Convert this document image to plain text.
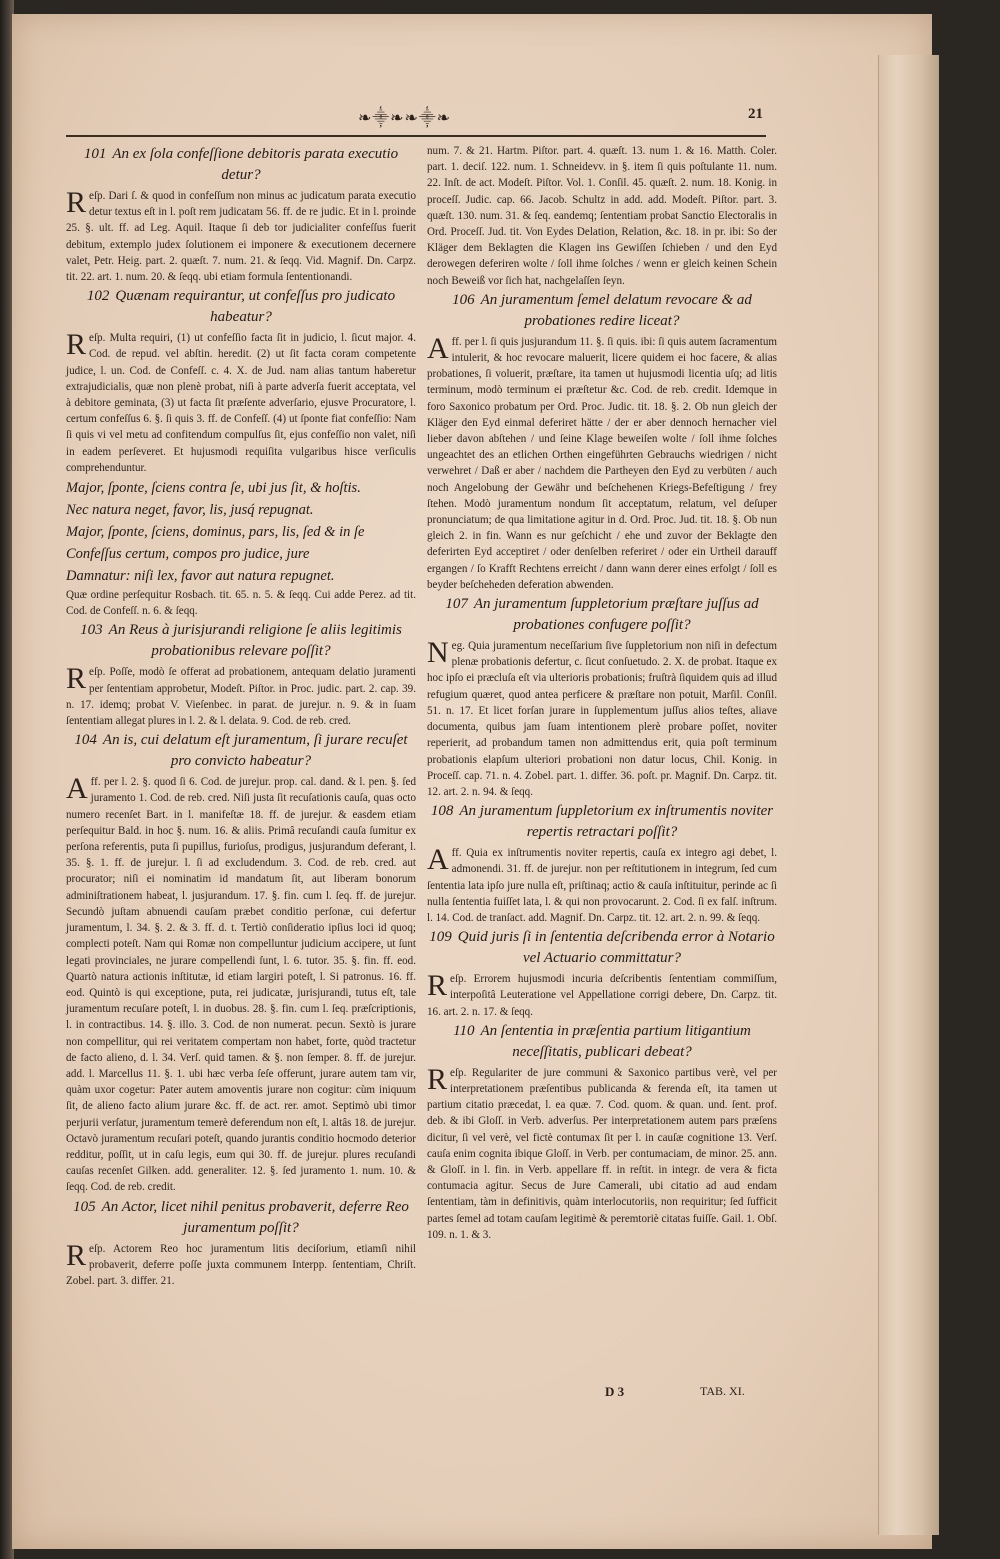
❧⸎❧❧⸎❧	21
101 An ex ſola confeſſione debitoris parata executio detur?
Reſp. Dari ſ. & quod in confeſſum non minus ac judicatum parata executio detur textus eſt in l. poſt rem judicatam 56. ff. de re judic. Et in l. proinde 25. §. ult. ff. ad Leg. Aquil. Itaque ſi deb tor judicialiter confeſſus fuerit debitum, extemplo judex ſolutionem ei imponere & executionem decernere valet, Petr. Heig. part. 2. quæſt. 7. num. 21. & ſeqq. Vid. Magnif. Dn. Carpz. tit. 22. art. 1. num. 20. & ſeqq. ubi etiam formula ſententionandi.
102 Quænam requirantur, ut confeſſus pro judicato habeatur?
Reſp. Multa requiri, (1) ut confeſſio facta ſit in judicio, l. ſicut major. 4. Cod. de repud. vel abſtin. heredit. (2) ut ſit facta coram competente judice, l. un. Cod. de Confeſſ. c. 4. X. de Jud. nam alias tantum haberetur extrajudicialis, quæ non plenè probat, niſi à parte adverſa fuerit acceptata, vel à debitore geminata, (3) ut facta ſit præſente adverſario, ejusve Procuratore, l. certum confeſſus 6. §. ſi quis 3. ff. de Confeſſ. (4) ut ſponte fiat confeſſio: Nam ſi quis vi vel metu ad confitendum compulſus ſit, ejus confeſſio non valet, niſi in eadem perſeveret. Et hujusmodi requiſita vulgaribus hisce verſiculis comprehenduntur.
Major, ſponte, ſciens contra ſe, ubi jus ſit, & hoſtis.
Nec natura neget, favor, lis, jusq́ repugnat.
Major, ſponte, ſciens, dominus, pars, lis, ſed & in ſe
Confeſſus certum, compos pro judice, jure
Damnatur: niſi lex, favor aut natura repugnet.
Quæ ordine perſequitur Rosbach. tit. 65. n. 5. & ſeqq. Cui adde Perez. ad tit. Cod. de Confeſſ. n. 6. & ſeqq.
103 An Reus à jurisjurandi religione ſe aliis legitimis probationibus relevare poſſit?
Reſp. Poſſe, modò ſe offerat ad probationem, antequam delatio juramenti per ſententiam approbetur, Modeſt. Piſtor. in Proc. judic. part. 2. cap. 39. n. 17. idemq; probat V. Vieſenbec. in parat. de jurejur. n. 9. & in ſuam ſententiam allegat plures in l. 2. & l. delata. 9. Cod. de reb. cred.
104 An is, cui delatum eſt juramentum, ſi jurare recuſet pro convicto habeatur?
Aff. per l. 2. §. quod ſi 6. Cod. de jurejur. prop. cal. dand. & l. pen. §. ſed juramento 1. Cod. de reb. cred. Niſi justa ſit recuſationis cauſa, quas octo numero recenſet Bart. in l. manifeſtæ 18. ff. de jurejur. & easdem etiam perſequitur Bald. in hoc §. num. 16. & aliis. Primâ recuſandi cauſa ſumitur ex perſona referentis, puta ſi pupillus, furioſus, prodigus, jusjurandum deferant, l. 35. §. 1. ff. de jurejur. l. ſi ad excludendum. 3. Cod. de reb. cred. aut procurator; niſi ei nominatim id mandatum ſit, aut liberam bonorum adminiſtrationem habeat, l. jusjurandum. 17. §. fin. cum l. ſeq. ff. de jurejur. Secundò juſtam abnuendi cauſam præbet conditio perſonæ, cui defertur juramentum, l. 34. §. 2. & 3. ff. d. t. Tertiò conſideratio ipſius loci id quoq; complecti poteſt. Nam qui Romæ non compelluntur judicium accipere, ut ſunt legati provinciales, ne jurare compellendi ſunt, l. 6. tutor. 35. §. fin. ff. eod. Quartò natura actionis inſtitutæ, id etiam largiri poteſt, l. Si patronus. 16. ff. eod. Quintò is qui exceptione, puta, rei judicatæ, jurisjurandi, tutus eſt, tale juramentum recuſare poteſt, l. in duobus. 28. §. fin. cum l. ſeq. præſcriptionis, l. in contractibus. 14. §. illo. 3. Cod. de non numerat. pecun. Sextò is jurare non compellitur, qui rei veritatem compertam non habet, forte, quòd tractetur de facto alieno, d. l. 34. Verſ. quid tamen. & §. non ſemper. 8. ff. de jurejur. add. l. Marcellus 11. §. 1. ubi hæc verba ſeſe offerunt, jurare autem tam vir, quàm uxor cogetur: Pater autem amoventis jurare non cogitur: cùm iniquum ſit, de alieno facto alium jurare &c. ff. de act. rer. amot. Septimò ubi timor perjurii verſatur, juramentum temerè deferendum non eſt, l. altâs 18. de jurejur. Octavò juramentum recuſari poteſt, quando jurantis conditio hocmodo deterior redditur, poſſit, ut in caſu legis, eum qui 30. ff. de jurejur. plures recuſandi cauſas recenſet Gilken. add. generaliter. 12. §. ſed juramento 1. num. 10. & ſeqq. Cod. de reb. credit.
105 An Actor, licet nihil penitus probaverit, deferre Reo juramentum poſſit?
Reſp. Actorem Reo hoc juramentum litis deciſorium, etiamſi nihil probaverit, deferre poſſe juxta communem Interpp. ſententiam, Chriſt. Zobel. part. 3. differ. 21.
num. 7. & 21. Hartm. Piſtor. part. 4. quæſt. 13. num 1. & 16. Matth. Coler. part. 1. deciſ. 122. num. 1. Schneidevv. in §. item ſi quis poſtulante 11. num. 22. Inſt. de act. Modeſt. Piſtor. Vol. 1. Conſil. 45. quæſt. 2. num. 18. Konig. in proceſſ. Judic. cap. 66. Jacob. Schultz in add. add. Modeſt. Piſtor. part. 3. quæſt. 130. num. 31. & ſeq. eandemq; ſententiam probat Sanctio Electoralis in Ord. Proceſſ. Jud. tit. Von Eydes Delation, Relation, &c. 18. in pr. ibi: So der Kläger dem Beklagten die Klagen ins Gewiſſen ſchieben / und den Eyd derowegen deferiren wolte / ſoll ihme ſolches / wenn er gleich keinen Schein noch Beweiß vor ſich hat, nachgelaſſen ſeyn.
106 An juramentum ſemel delatum revocare & ad probationes redire liceat?
Aff. per l. ſi quis jusjurandum 11. §. ſi quis. ibi: ſi quis autem ſacramentum intulerit, & hoc revocare maluerit, licere quidem ei hoc facere, & alias probationes, ſi voluerit, præſtare, ita tamen ut hujusmodi licentia uſq; ad litis terminum, modò terminum ei præſtetur &c. Cod. de reb. credit. Idemque in foro Saxonico probatum per Ord. Proc. Judic. tit. 18. §. 2. Ob nun gleich der Kläger den Eyd einmal deferiret hätte / der er aber dennoch hernacher viel lieber davon abſtehen / und ſeine Klage beweiſen wolte / ſoll ihme ſolches ungeachtet des an etlichen Orthen eingeführten Gebrauchs wiedrigen / nicht verwehret / Daß er aber / nachdem die Partheyen den Eyd zu verbüten / auch noch Angelobung der Gewähr und beſchehenen Kriegs-Befeſtigung / frey ſtehen. Modò juramentum nondum ſit acceptatum, relatum, vel deſuper pronunciatum; de qua limitatione agitur in d. Ord. Proc. Jud. tit. 18. §. Ob nun gleich 2. in fin. Wann es nur geſchicht / ehe und zuvor der Beklagte den deferirten Eyd acceptiret / oder denſelben referiret / oder ein Urtheil darauff ergangen / ſo Krafft Rechtens erreicht / dann wann derer eines erfolgt / ſoll es beyder beſcheheden deferation abwenden.
107 An juramentum ſuppletorium præſtare juſſus ad probationes confugere poſſit?
Neg. Quia juramentum neceſſarium ſive ſuppletorium non niſi in defectum plenæ probationis defertur, c. ſicut conſuetudo. 2. X. de probat. Itaque ex hoc ipſo ei præcluſa eſt via ulterioris probationis; fruſtrà ſiquidem quis ad illud refugium quæret, quod antea perficere & præſtare non potuit, Marſil. Conſil. 51. n. 17. Et licet forſan jurare in ſupplementum juſſus alios teſtes, aliave documenta, quibus jam ſuam intentionem plerè probare poſſet, noviter reperierit, ad probandum tamen non admittendus erit, quia poſt terminum probationis elapſum ulteriori probationi non datur locus, Chil. Konig. in Proceſſ. cap. 71. n. 4. Zobel. part. 1. differ. 36. poſt. pr. Magnif. Dn. Carpz. tit. 12. art. 2. n. 94. & ſeqq.
108 An juramentum ſuppletorium ex inſtrumentis noviter repertis retractari poſſit?
Aff. Quia ex inſtrumentis noviter repertis, cauſa ex integro agi debet, l. admonendi. 31. ff. de jurejur. non per reſtitutionem in integrum, ſed cum ſententia lata ipſo jure nulla eſt, priſtinaq; actio & cauſa inſtituitur, perinde ac ſi nulla ſententia fuiſſet lata, l. & qui non provocarunt. 2. Cod. ſi ex falſ. inſtrum. l. 14. Cod. de tranſact. add. Magnif. Dn. Carpz. tit. 12. art. 2. n. 99. & ſeqq.
109 Quid juris ſi in ſententia deſcribenda error à Notario vel Actuario committatur?
Reſp. Errorem hujusmodi incuria deſcribentis ſententiam commiſſum, interpoſitâ Leuteratione vel Appellatione corrigi debere, Dn. Carpz. tit. 16. art. 2. n. 17. & ſeqq.
110 An ſententia in præſentia partium litigantium neceſſitatis, publicari debeat?
Reſp. Regulariter de jure communi & Saxonico partibus verè, vel per interpretationem præſentibus publicanda & ferenda eſt, ita tamen ut partium citatio præcedat, l. ea quæ. 7. Cod. quom. & quan. und. ſent. prof. deb. & ibi Gloſſ. in Verb. adverſus. Per interpretationem autem pars præſens dicitur, ſi vel verè, vel fictè contumax ſit per l. in cauſæ cognitione 13. Verſ. cauſa enim cognita ibique Gloſſ. in Verb. per contumaciam, de minor. 25. ann. & Gloſſ. in l. fin. in Verb. appellare ff. in reſtit. in integr. de vera & ficta contumacia agitur. Secus de Jure Camerali, ubi citatio ad aud endam ſententiam, tàm in definitivis, quàm interlocutoriis, non requiritur; ſed ſufficit partes ſemel ad totam cauſam legitimè & peremtoriè citatas fuiſſe. Gail. 1. Obſ. 109. n. 1. & 3.
D 3	TAB. XI.
